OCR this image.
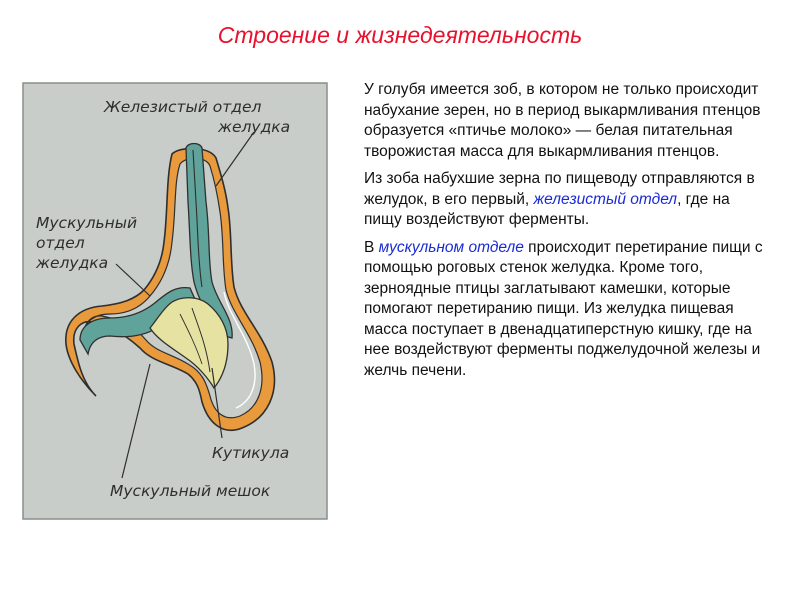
Строение и жизнедеятельность
Железистый отдел
желудка
Мускульный
отдел
желудка
Кутикула
Мускульный мешок

У голубя имеется зоб, в котором не только происходит набухание зерен, но в период выкармливания птенцов образуется «птичье молоко» — белая питательная творожистая масса для выкармливания птенцов.

Из зоба набухшие зерна по пищеводу отправляются в желудок, в его первый, железистый отдел, где на пищу воздействуют ферменты.

В мускульном отделе происходит перетирание пищи с помощью роговых стенок желудка. Кроме того, зерноядные птицы заглатывают камешки, которые помогают перетиранию пищи. Из желудка пищевая масса поступает в двенадцатиперстную кишку, где на нее воздействуют ферменты поджелудочной железы и желчь печени.
